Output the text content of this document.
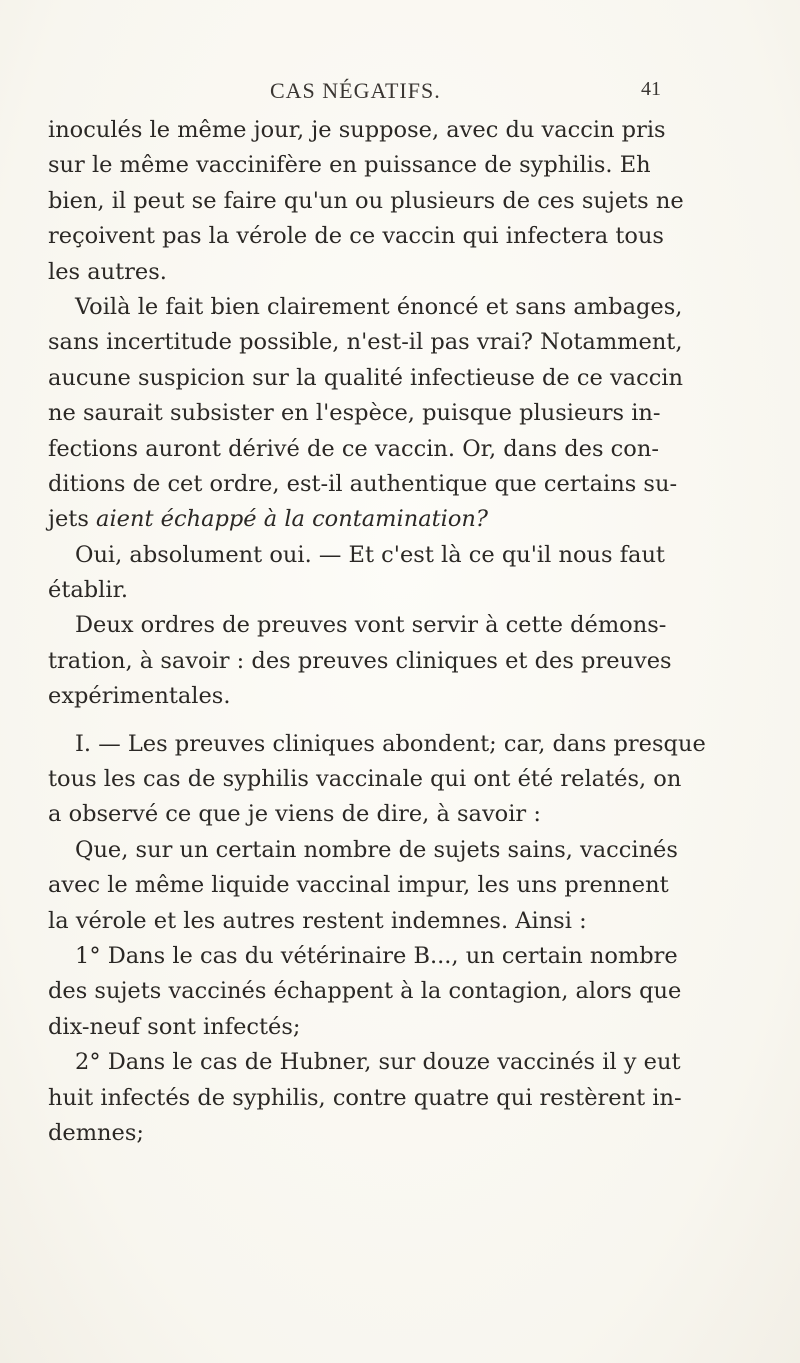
CAS NÉGATIFS.	41
inoculés le même jour, je suppose, avec du vaccin pris
sur le même vaccinifère en puissance de syphilis. Eh
bien, il peut se faire qu'un ou plusieurs de ces sujets ne
reçoivent pas la vérole de ce vaccin qui infectera tous
les autres.
Voilà le fait bien clairement énoncé et sans ambages,
sans incertitude possible, n'est-il pas vrai? Notamment,
aucune suspicion sur la qualité infectieuse de ce vaccin
ne saurait subsister en l'espèce, puisque plusieurs in-
fections auront dérivé de ce vaccin. Or, dans des con-
ditions de cet ordre, est-il authentique que certains su-
jets aient échappé à la contamination?
Oui, absolument oui. — Et c'est là ce qu'il nous faut
établir.
Deux ordres de preuves vont servir à cette démons-
tration, à savoir : des preuves cliniques et des preuves
expérimentales.
I. — Les preuves cliniques abondent; car, dans presque
tous les cas de syphilis vaccinale qui ont été relatés, on
a observé ce que je viens de dire, à savoir :
Que, sur un certain nombre de sujets sains, vaccinés
avec le même liquide vaccinal impur, les uns prennent
la vérole et les autres restent indemnes. Ainsi :
1° Dans le cas du vétérinaire B..., un certain nombre
des sujets vaccinés échappent à la contagion, alors que
dix-neuf sont infectés;
2° Dans le cas de Hubner, sur douze vaccinés il y eut
huit infectés de syphilis, contre quatre qui restèrent in-
demnes;
